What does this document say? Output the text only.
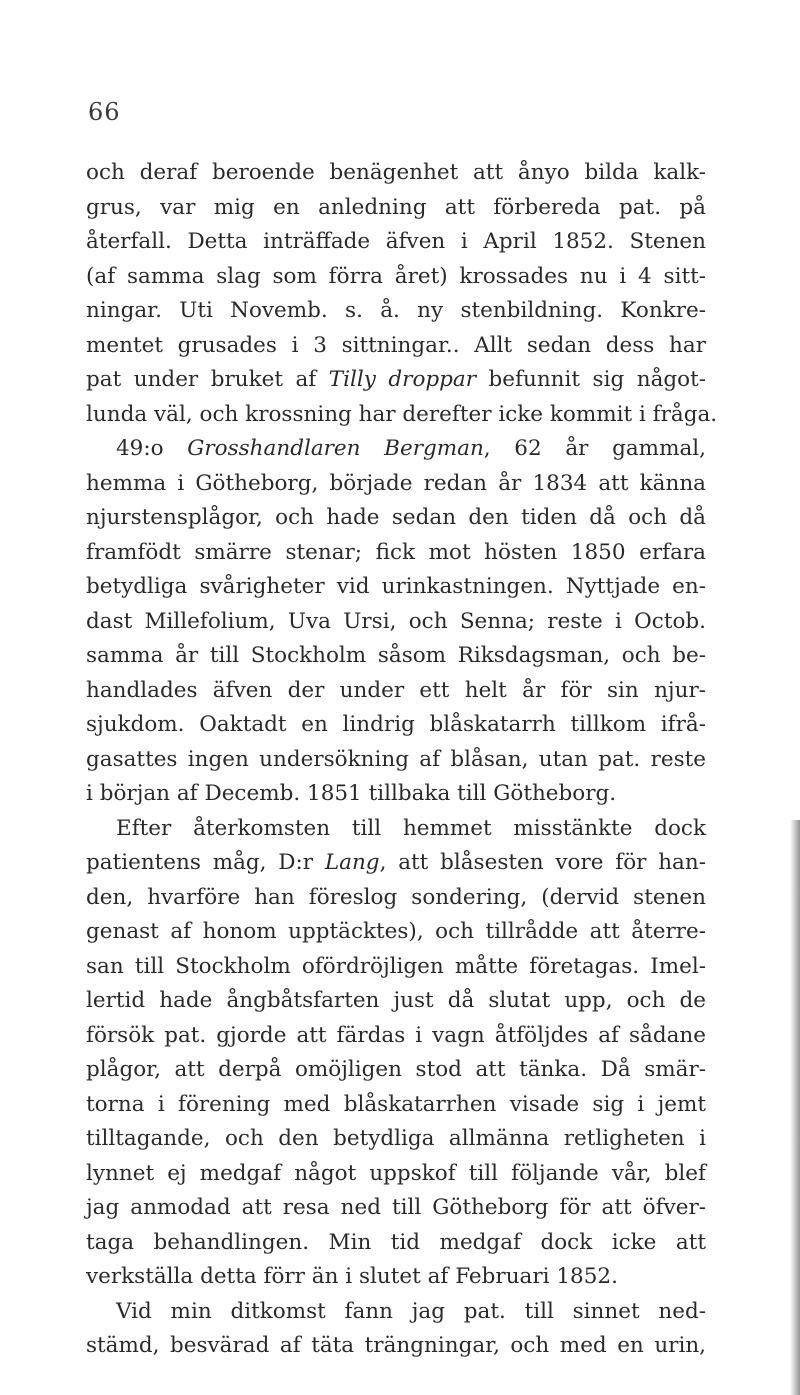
66
och deraf beroende benägenhet att ånyo bilda kalk-
grus, var mig en anledning att förbereda pat. på
återfall. Detta inträffade äfven i April 1852. Stenen
(af samma slag som förra året) krossades nu i 4 sitt-
ningar. Uti Novemb. s. å. ny stenbildning. Konkre-
mentet grusades i 3 sittningar.. Allt sedan dess har
pat under bruket af Tilly droppar befunnit sig något-
lunda väl, och krossning har derefter icke kommit i fråga.
49:o Grosshandlaren Bergman, 62 år gammal,
hemma i Götheborg, började redan år 1834 att känna
njurstensplågor, och hade sedan den tiden då och då
framfödt smärre stenar; fick mot hösten 1850 erfara
betydliga svårigheter vid urinkastningen. Nyttjade en-
dast Millefolium, Uva Ursi, och Senna; reste i Octob.
samma år till Stockholm såsom Riksdagsman, och be-
handlades äfven der under ett helt år för sin njur-
sjukdom. Oaktadt en lindrig blåskatarrh tillkom ifrå-
gasattes ingen undersökning af blåsan, utan pat. reste
i början af Decemb. 1851 tillbaka till Götheborg.
Efter återkomsten till hemmet misstänkte dock
patientens måg, D:r Lang, att blåsesten vore för han-
den, hvarföre han föreslog sondering, (dervid stenen
genast af honom upptäcktes), och tillrådde att återre-
san till Stockholm ofördröjligen måtte företagas. Imel-
lertid hade ångbåtsfarten just då slutat upp, och de
försök pat. gjorde att färdas i vagn åtföljdes af sådane
plågor, att derpå omöjligen stod att tänka. Då smär-
torna i förening med blåskatarrhen visade sig i jemt
tilltagande, och den betydliga allmänna retligheten i
lynnet ej medgaf något uppskof till följande vår, blef
jag anmodad att resa ned till Götheborg för att öfver-
taga behandlingen. Min tid medgaf dock icke att
verkställa detta förr än i slutet af Februari 1852.
Vid min ditkomst fann jag pat. till sinnet ned-
stämd, besvärad af täta trängningar, och med en urin,
